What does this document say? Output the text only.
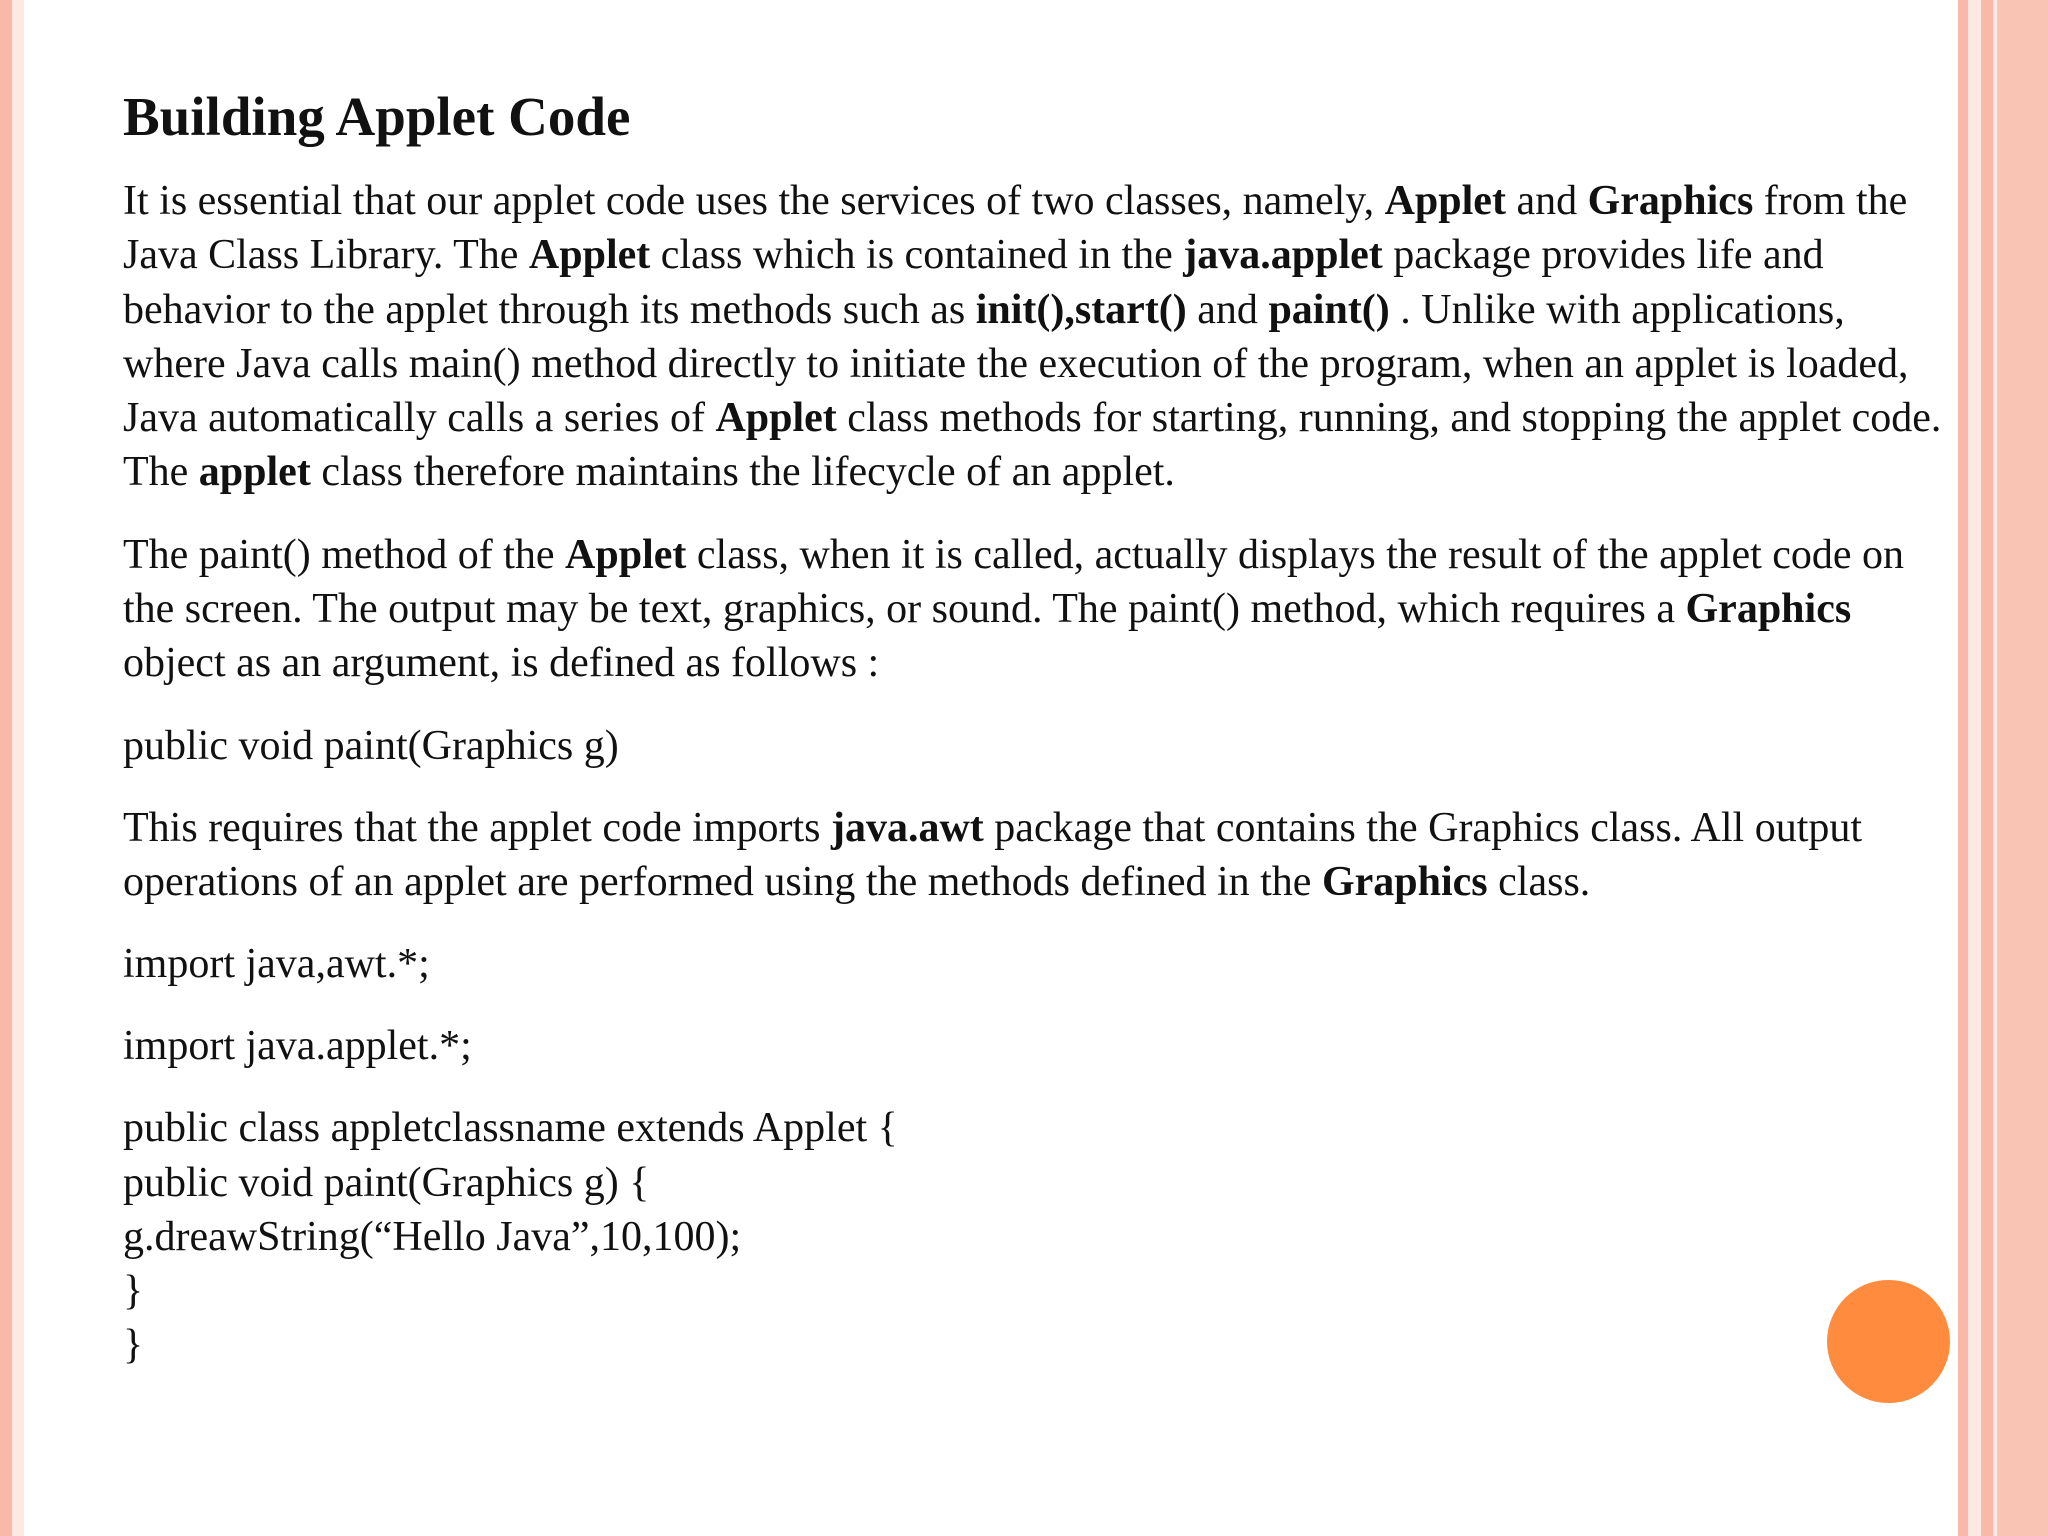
Building Applet Code

It is essential that our applet code uses the services of two classes, namely, Applet and Graphics from the Java Class Library. The Applet class which is contained in the java.applet package provides life and behavior to the applet through its methods such as init(),start() and paint() . Unlike with applications, where Java calls main() method directly to initiate the execution of the program, when an applet is loaded, Java automatically calls a series of Applet class methods for starting, running, and stopping the applet code. The applet class therefore maintains the lifecycle of an applet.

The paint() method of the Applet class, when it is called, actually displays the result of the applet code on the screen. The output may be text, graphics, or sound. The paint() method, which requires a Graphics object as an argument, is defined as follows :

public void paint(Graphics g)

This requires that the applet code imports java.awt package that contains the Graphics class. All output operations of an applet are performed using the methods defined in the Graphics class.

import java,awt.*;

import java.applet.*;

public class appletclassname extends Applet {
public void paint(Graphics g) {
g.dreawString(“Hello Java”,10,100);
}
}
